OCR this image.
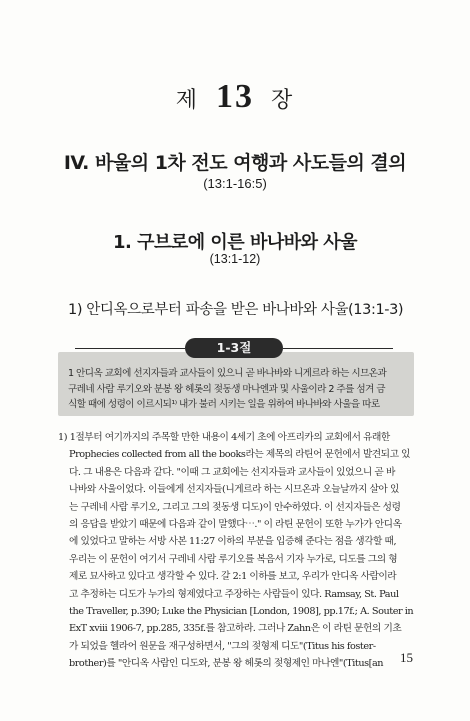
제 13 장
IV. 바울의 1차 전도 여행과 사도들의 결의
(13:1-16:5)
1. 구브로에 이른 바나바와 사울
(13:1-12)
1) 안디옥으로부터 파송을 받은 바나바와 사울(13:1-3)
1-3절
1 안디옥 교회에 선지자들과 교사들이 있으니 곧 바나바와 니게르라 하는 시므온과
구레네 사람 루기오와 분봉 왕 헤롯의 젖동생 마나엔과 및 사울이라 2 주를 섬겨 금
식할 때에 성령이 이르시되¹⁾ 내가 불러 시키는 일을 위하여 바나바와 사울을 따로
1) 1절부터 여기까지의 주목할 만한 내용이 4세기 초에 아프리카의 교회에서 유래한
Prophecies collected from all the books라는 제목의 라틴어 문헌에서 발견되고 있
다. 그 내용은 다음과 같다. "이때 그 교회에는 선지자들과 교사들이 있었으니 곧 바
나바와 사울이었다. 이들에게 선지자들(니게르라 하는 시므온과 오늘날까지 살아 있
는 구레네 사람 루기오, 그리고 그의 젖동생 디도)이 안수하였다. 이 선지자들은 성령
의 응답을 받았기 때문에 다음과 같이 말했다⋯." 이 라틴 문헌이 또한 누가가 안디옥
에 있었다고 말하는 서방 사본 11:27 이하의 부분을 입증해 준다는 점을 생각할 때,
우리는 이 문헌이 여기서 구레네 사람 루기오를 복음서 기자 누가로, 디도를 그의 형
제로 묘사하고 있다고 생각할 수 있다. 갈 2:1 이하를 보고, 우리가 안디옥 사람이라
고 추정하는 디도가 누가의 형제였다고 주장하는 사람들이 있다. Ramsay, St. Paul
the Traveller, p.390; Luke the Physician [London, 1908], pp.17f.; A. Souter in
ExT xviii 1906-7, pp.285, 335f.를 참고하라. 그러나 Zahn은 이 라틴 문헌의 기초
가 되었을 헬라어 원문을 재구성하면서, "그의 젖형제 디도"(Titus his foster-
brother)를 "안디옥 사람인 디도와, 분봉 왕 헤롯의 젖형제인 마나엔"(Titus[an	15
